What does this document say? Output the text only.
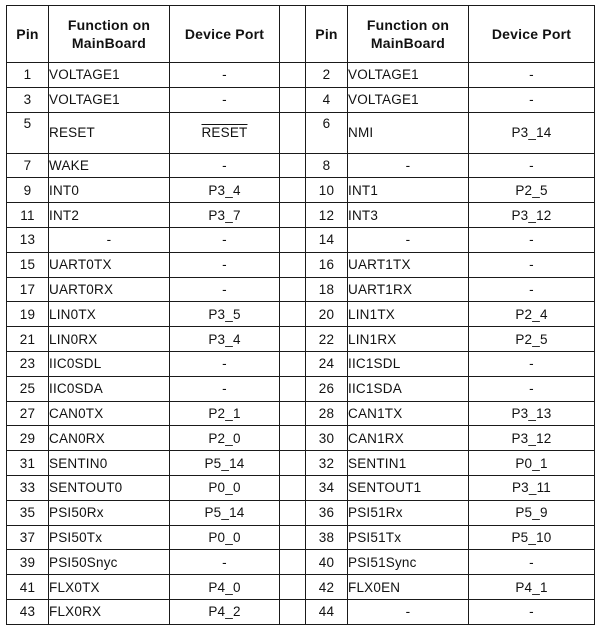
Pin	Function on MainBoard	Device Port		Pin	Function on MainBoard	Device Port
1	VOLTAGE1	-		2	VOLTAGE1	-
3	VOLTAGE1	-		4	VOLTAGE1	-
5	RESET	RESET		6	NMI	P3_14
7	WAKE	-		8	-	-
9	INT0	P3_4		10	INT1	P2_5
11	INT2	P3_7		12	INT3	P3_12
13	-	-		14	-	-
15	UART0TX	-		16	UART1TX	-
17	UART0RX	-		18	UART1RX	-
19	LIN0TX	P3_5		20	LIN1TX	P2_4
21	LIN0RX	P3_4		22	LIN1RX	P2_5
23	IIC0SDL	-		24	IIC1SDL	-
25	IIC0SDA	-		26	IIC1SDA	-
27	CAN0TX	P2_1		28	CAN1TX	P3_13
29	CAN0RX	P2_0		30	CAN1RX	P3_12
31	SENTIN0	P5_14		32	SENTIN1	P0_1
33	SENTOUT0	P0_0		34	SENTOUT1	P3_11
35	PSI50Rx	P5_14		36	PSI51Rx	P5_9
37	PSI50Tx	P0_0		38	PSI51Tx	P5_10
39	PSI50Snyc	-		40	PSI51Sync	-
41	FLX0TX	P4_0		42	FLX0EN	P4_1
43	FLX0RX	P4_2		44	-	-
